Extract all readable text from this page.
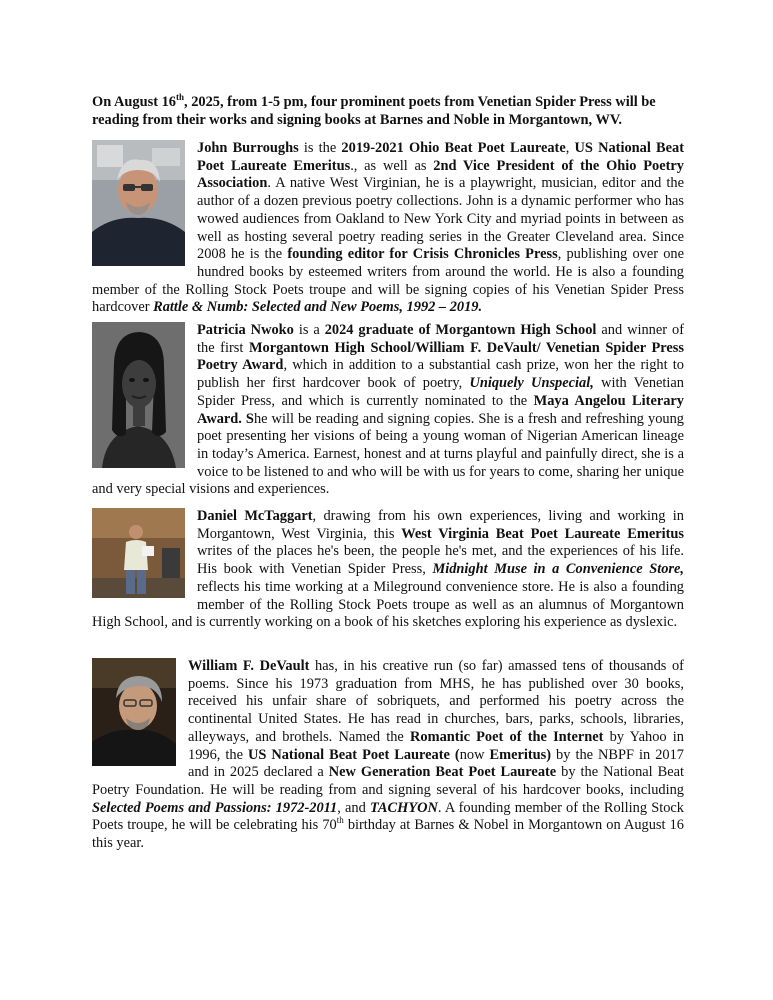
On August 16th, 2025, from 1-5 pm, four prominent poets from Venetian Spider Press will be reading from their works and signing books at Barnes and Noble in Morgantown, WV.

John Burroughs is the 2019-2021 Ohio Beat Poet Laureate, US National Beat Poet Laureate Emeritus., as well as 2nd Vice President of the Ohio Poetry Association. A native West Virginian, he is a playwright, musician, editor and the author of a dozen previous poetry collections. John is a dynamic performer who has wowed audiences from Oakland to New York City and myriad points in between as well as hosting several poetry reading series in the Greater Cleveland area. Since 2008 he is the founding editor for Crisis Chronicles Press, publishing over one hundred books by esteemed writers from around the world. He is also a founding member of the Rolling Stock Poets troupe and will be signing copies of his Venetian Spider Press hardcover Rattle & Numb: Selected and New Poems, 1992 – 2019.

Patricia Nwoko is a 2024 graduate of Morgantown High School and winner of the first Morgantown High School/William F. DeVault/ Venetian Spider Press Poetry Award, which in addition to a substantial cash prize, won her the right to publish her first hardcover book of poetry, Uniquely Unspecial, with Venetian Spider Press, and which is currently nominated to the Maya Angelou Literary Award. She will be reading and signing copies. She is a fresh and refreshing young poet presenting her visions of being a young woman of Nigerian American lineage in today’s America. Earnest, honest and at turns playful and painfully direct, she is a voice to be listened to and who will be with us for years to come, sharing her unique and very special visions and experiences.

Daniel McTaggart, drawing from his own experiences, living and working in Morgantown, West Virginia, this West Virginia Beat Poet Laureate Emeritus writes of the places he's been, the people he's met, and the experiences of his life. His book with Venetian Spider Press, Midnight Muse in a Convenience Store, reflects his time working at a Mileground convenience store. He is also a founding member of the Rolling Stock Poets troupe as well as an alumnus of Morgantown High School, and is currently working on a book of his sketches exploring his experience as dyslexic.

William F. DeVault has, in his creative run (so far) amassed tens of thousands of poems. Since his 1973 graduation from MHS, he has published over 30 books, received his unfair share of sobriquets, and performed his poetry across the continental United States. He has read in churches, bars, parks, schools, libraries, alleyways, and brothels. Named the Romantic Poet of the Internet by Yahoo in 1996, the US National Beat Poet Laureate (now Emeritus) by the NBPF in 2017 and in 2025 declared a New Generation Beat Poet Laureate by the National Beat Poetry Foundation. He will be reading from and signing several of his hardcover books, including Selected Poems and Passions: 1972-2011, and TACHYON. A founding member of the Rolling Stock Poets troupe, he will be celebrating his 70th birthday at Barnes & Nobel in Morgantown on August 16 this year.
